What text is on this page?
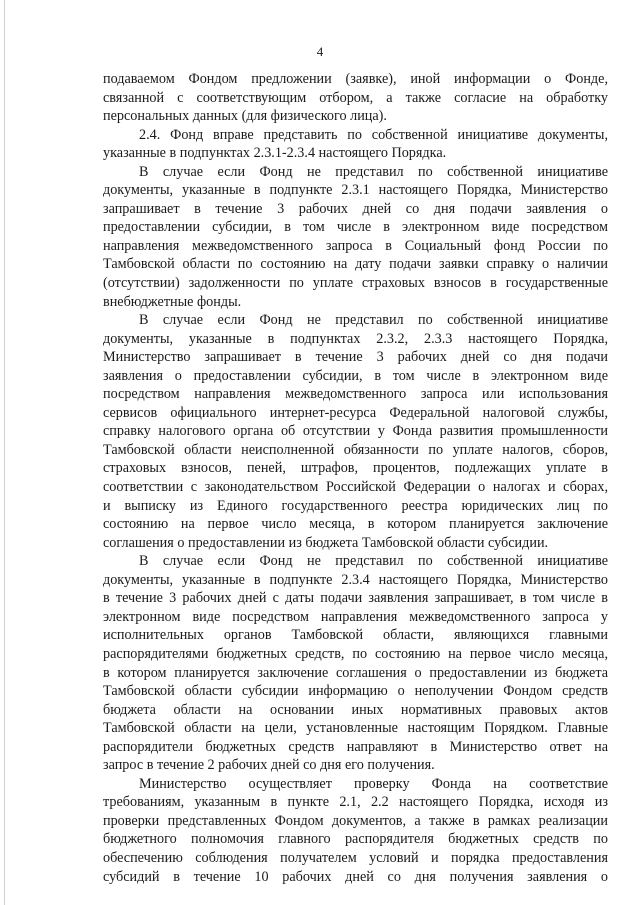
4
подаваемом Фондом предложении (заявке), иной информации о Фонде,
связанной с соответствующим отбором, а также согласие на обработку
персональных данных (для физического лица).
2.4. Фонд вправе представить по собственной инициативе документы,
указанные в подпунктах 2.3.1-2.3.4 настоящего Порядка.
В случае если Фонд не представил по собственной инициативе
документы, указанные в подпункте 2.3.1 настоящего Порядка, Министерство
запрашивает в течение 3 рабочих дней со дня подачи заявления о
предоставлении субсидии, в том числе в электронном виде посредством
направления межведомственного запроса в Социальный фонд России по
Тамбовской области по состоянию на дату подачи заявки справку о наличии
(отсутствии) задолженности по уплате страховых взносов в государственные
внебюджетные фонды.
В случае если Фонд не представил по собственной инициативе
документы, указанные в подпунктах 2.3.2, 2.3.3 настоящего Порядка,
Министерство запрашивает в течение 3 рабочих дней со дня подачи
заявления о предоставлении субсидии, в том числе в электронном виде
посредством направления межведомственного запроса или использования
сервисов официального интернет-ресурса Федеральной налоговой службы,
справку налогового органа об отсутствии у Фонда развития промышленности
Тамбовской области неисполненной обязанности по уплате налогов, сборов,
страховых взносов, пеней, штрафов, процентов, подлежащих уплате в
соответствии с законодательством Российской Федерации о налогах и сборах,
и выписку из Единого государственного реестра юридических лиц по
состоянию на первое число месяца, в котором планируется заключение
соглашения о предоставлении из бюджета Тамбовской области субсидии.
В случае если Фонд не представил по собственной инициативе
документы, указанные в подпункте 2.3.4 настоящего Порядка, Министерство
в течение 3 рабочих дней с даты подачи заявления запрашивает, в том числе в
электронном виде посредством направления межведомственного запроса у
исполнительных органов Тамбовской области, являющихся главными
распорядителями бюджетных средств, по состоянию на первое число месяца,
в котором планируется заключение соглашения о предоставлении из бюджета
Тамбовской области субсидии информацию о неполучении Фондом средств
бюджета области на основании иных нормативных правовых актов
Тамбовской области на цели, установленные настоящим Порядком. Главные
распорядители бюджетных средств направляют в Министерство ответ на
запрос в течение 2 рабочих дней со дня его получения.
Министерство осуществляет проверку Фонда на соответствие
требованиям, указанным в пункте 2.1, 2.2 настоящего Порядка, исходя из
проверки представленных Фондом документов, а также в рамках реализации
бюджетного полномочия главного распорядителя бюджетных средств по
обеспечению соблюдения получателем условий и порядка предоставления
субсидий в течение 10 рабочих дней со дня получения заявления о
